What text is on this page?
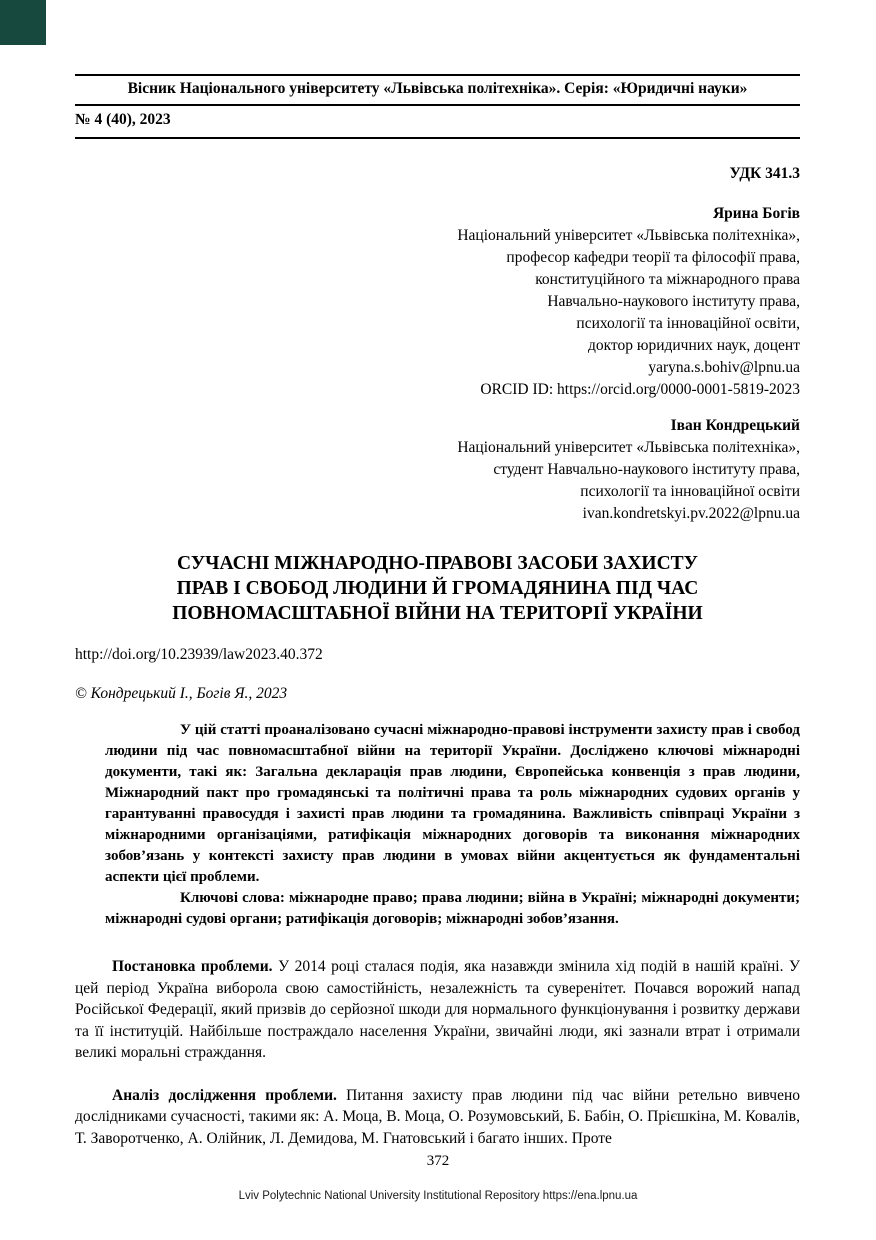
Вісник Національного університету «Львівська політехніка». Серія: «Юридичні науки»
№ 4 (40), 2023
УДК 341.3
Ярина Богів
Національний університет «Львівська політехніка»,
професор кафедри теорії та філософії права,
конституційного та міжнародного права
Навчально-наукового інституту права,
психології та інноваційної освіти,
доктор юридичних наук, доцент
yaryna.s.bohiv@lpnu.ua
ORCID ID: https://orcid.org/0000-0001-5819-2023
Іван Кондрецький
Національний університет «Львівська політехніка»,
студент Навчально-наукового інституту права,
психології та інноваційної освіти
ivan.kondretskyi.pv.2022@lpnu.ua
СУЧАСНІ МІЖНАРОДНО-ПРАВОВІ ЗАСОБИ ЗАХИСТУ
ПРАВ І СВОБОД ЛЮДИНИ Й ГРОМАДЯНИНА ПІД ЧАС
ПОВНОМАСШТАБНОЇ ВІЙНИ НА ТЕРИТОРІЇ УКРАЇНИ
http://doi.org/10.23939/law2023.40.372
© Кондрецький І., Богів Я., 2023

У цій статті проаналізовано сучасні міжнародно-правові інструменти захисту прав і свобод людини під час повномасштабної війни на території України. Досліджено ключові міжнародні документи, такі як: Загальна декларація прав людини, Європейська конвенція з прав людини, Міжнародний пакт про громадянські та політичні права та роль міжнародних судових органів у гарантуванні правосуддя і захисті прав людини та громадянина. Важливість співпраці України з міжнародними організаціями, ратифікація міжнародних договорів та виконання міжнародних зобов’язань у контексті захисту прав людини в умовах війни акцентується як фундаментальні аспекти цієї проблеми.

Ключові слова: міжнародне право; права людини; війна в Україні; міжнародні документи; міжнародні судові органи; ратифікація договорів; міжнародні зобов’язання.

Постановка проблеми. У 2014 році сталася подія, яка назавжди змінила хід подій в нашій країні. У цей період Україна виборола свою самостійність, незалежність та суверенітет. Почався ворожий напад Російської Федерації, який призвів до серйозної шкоди для нормального функціонування і розвитку держави та її інституцій. Найбільше постраждало населення України, звичайні люди, які зазнали втрат і отримали великі моральні страждання.

Аналіз дослідження проблеми. Питання захисту прав людини під час війни ретельно вивчено дослідниками сучасності, такими як: А. Моца, В. Моца, О. Розумовський, Б. Бабін, О. Прієшкіна, М. Ковалів, Т. Заворотченко, А. Олійник, Л. Демидова, М. Гнатовський і багато інших. Проте

372
Lviv Polytechnic National University Institutional Repository https://ena.lpnu.ua
